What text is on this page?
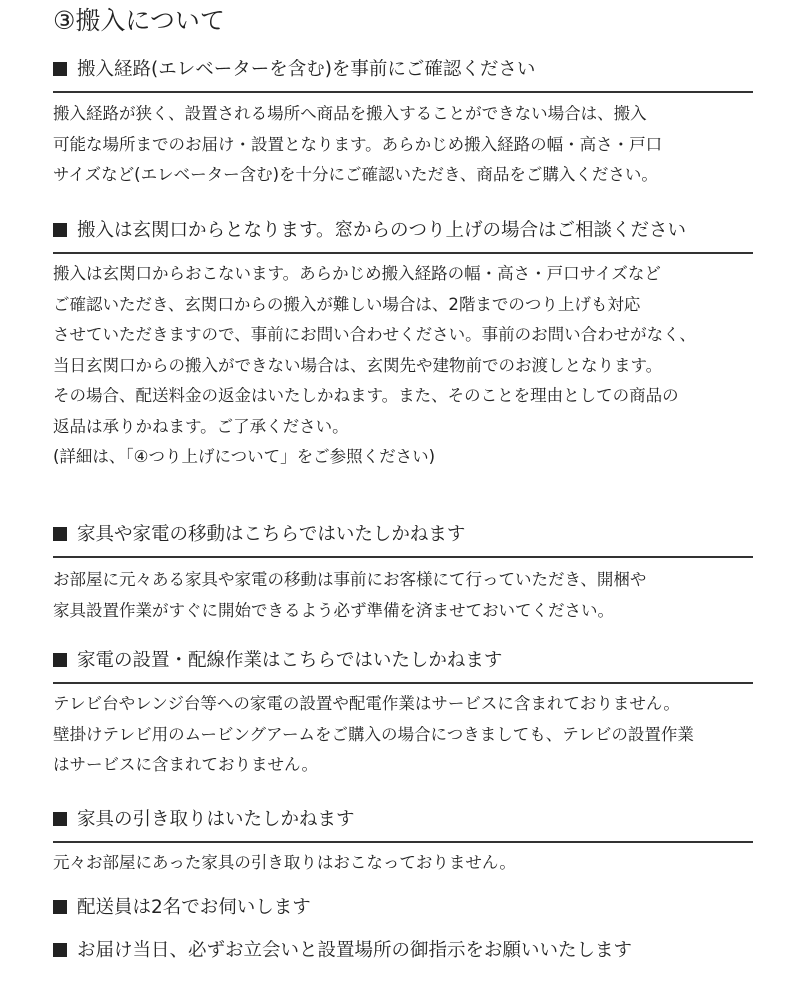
③搬入について
搬入経路(エレベーターを含む)を事前にご確認ください
搬入経路が狭く、設置される場所へ商品を搬入することができない場合は、搬入
可能な場所までのお届け・設置となります。あらかじめ搬入経路の幅・高さ・戸口
サイズなど(エレベーター含む)を十分にご確認いただき、商品をご購入ください。
搬入は玄関口からとなります。窓からのつり上げの場合はご相談ください
搬入は玄関口からおこないます。あらかじめ搬入経路の幅・高さ・戸口サイズなど
ご確認いただき、玄関口からの搬入が難しい場合は、2階までのつり上げも対応
させていただきますので、事前にお問い合わせください。事前のお問い合わせがなく、
当日玄関口からの搬入ができない場合は、玄関先や建物前でのお渡しとなります。
その場合、配送料金の返金はいたしかねます。また、そのことを理由としての商品の
返品は承りかねます。ご了承ください。
(詳細は、「④つり上げについて」をご参照ください)
家具や家電の移動はこちらではいたしかねます
お部屋に元々ある家具や家電の移動は事前にお客様にて行っていただき、開梱や
家具設置作業がすぐに開始できるよう必ず準備を済ませておいてください。
家電の設置・配線作業はこちらではいたしかねます
テレビ台やレンジ台等への家電の設置や配電作業はサービスに含まれておりません。
壁掛けテレビ用のムービングアームをご購入の場合につきましても、テレビの設置作業
はサービスに含まれておりません。
家具の引き取りはいたしかねます
元々お部屋にあった家具の引き取りはおこなっておりません。
配送員は2名でお伺いします
お届け当日、必ずお立会いと設置場所の御指示をお願いいたします
